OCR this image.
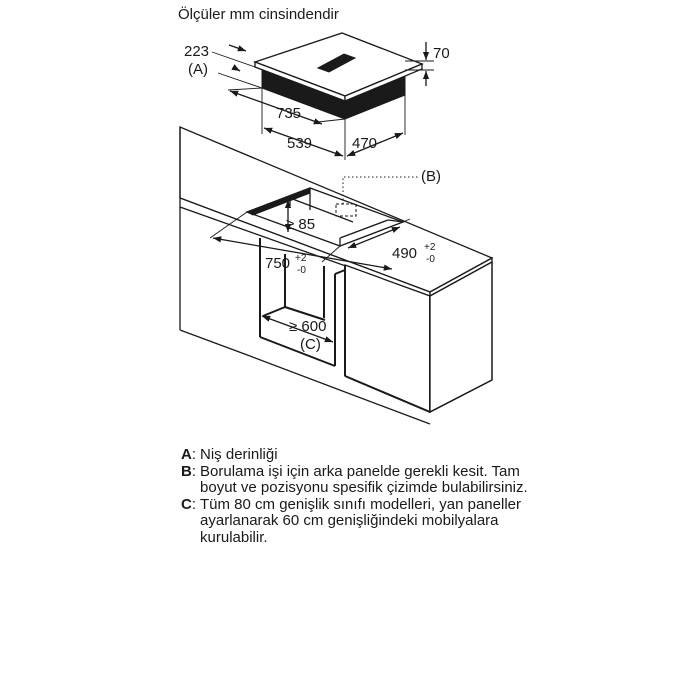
Ölçüler mm cinsindendir
223
(A)
70
735
539	470
(B)
≥ 85
490 +2
-0
750 +2
-0
≥ 600
(C)
A : Niş derinliği
B : Borulama işi için arka panelde gerekli kesit. Tam boyut ve pozisyonu spesifik çizimde bulabilirsiniz.
C : Tüm 80 cm genişlik sınıfı modelleri, yan paneller ayarlanarak 60 cm genişliğindeki mobilyalara kurulabilir.
